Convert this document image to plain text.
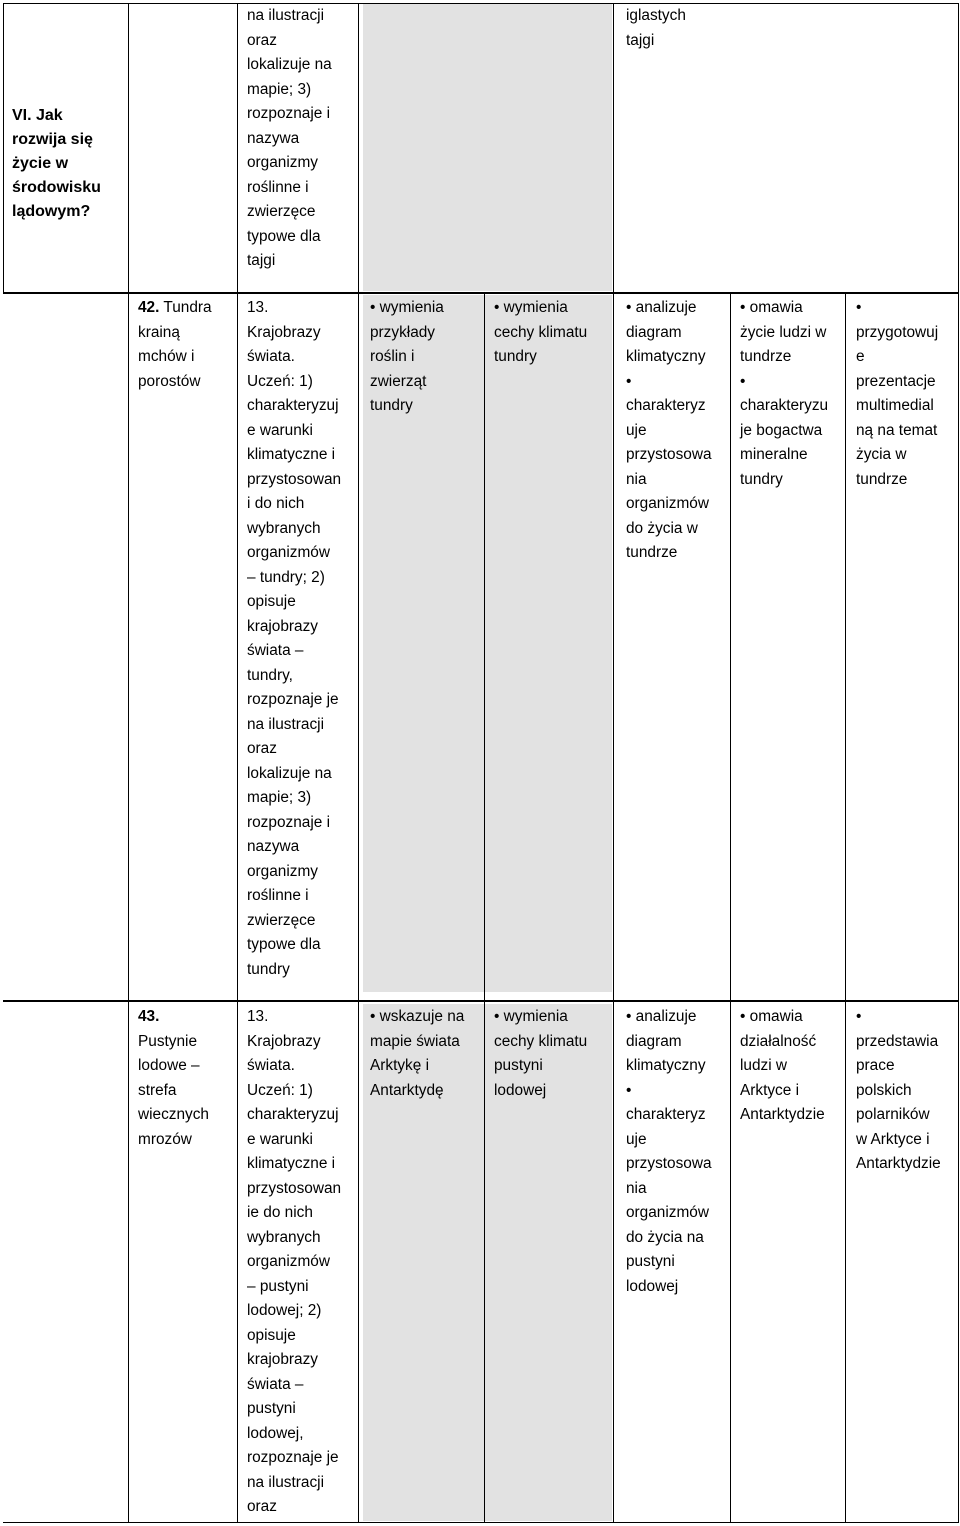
VI. Jak
rozwija się
życie w
środowisku
lądowym?
na ilustracji
oraz
lokalizuje na
mapie; 3)
rozpoznaje i
nazywa
organizmy
roślinne i
zwierzęce
typowe dla
tajgi
iglastych
tajgi
42. Tundra
krainą
mchów i
porostów
13.
Krajobrazy
świata.
Uczeń: 1)
charakteryzuj
e warunki
klimatyczne i
przystosowan
i do nich
wybranych
organizmów
– tundry; 2)
opisuje
krajobrazy
świata –
tundry,
rozpoznaje je
na ilustracji
oraz
lokalizuje na
mapie; 3)
rozpoznaje i
nazywa
organizmy
roślinne i
zwierzęce
typowe dla
tundry
• wymienia
przykłady
roślin i
zwierząt
tundry
• wymienia
cechy klimatu
tundry
• analizuje
diagram
klimatyczny
•
charakteryz
uje
przystosowa
nia
organizmów
do życia w
tundrze
• omawia
życie ludzi w
tundrze
•
charakteryzu
je bogactwa
mineralne
tundry
•
przygotowuj
e
prezentacje
multimedial
ną na temat
życia w
tundrze
43.
Pustynie
lodowe –
strefa
wiecznych
mrozów
13.
Krajobrazy
świata.
Uczeń: 1)
charakteryzuj
e warunki
klimatyczne i
przystosowan
ie do nich
wybranych
organizmów
– pustyni
lodowej; 2)
opisuje
krajobrazy
świata –
pustyni
lodowej,
rozpoznaje je
na ilustracji
oraz
• wskazuje na
mapie świata
Arktykę i
Antarktydę
• wymienia
cechy klimatu
pustyni
lodowej
• analizuje
diagram
klimatyczny
•
charakteryz
uje
przystosowa
nia
organizmów
do życia na
pustyni
lodowej
• omawia
działalność
ludzi w
Arktyce i
Antarktydzie
•
przedstawia
prace
polskich
polarników
w Arktyce i
Antarktydzie
